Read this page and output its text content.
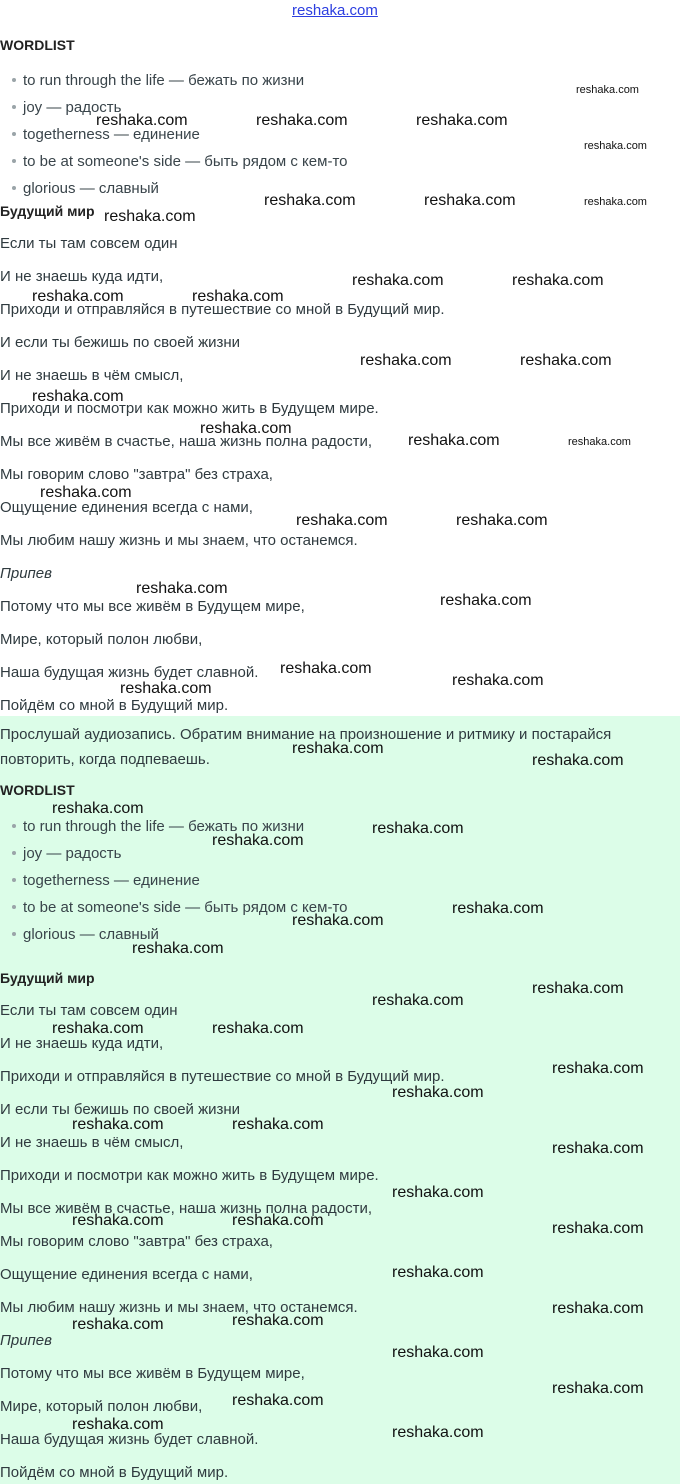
reshaka.com
WORDLIST
to run through the life — бежать по жизни
joy — радость
togetherness — единение
to be at someone's side — быть рядом с кем-то
glorious — славный
Будущий мир
Если ты там совсем один
И не знаешь куда идти,
Приходи и отправляйся в путешествие со мной в Будущий мир.
И если ты бежишь по своей жизни
И не знаешь в чём смысл,
Приходи и посмотри как можно жить в Будущем мире.
Мы все живём в счастье, наша жизнь полна радости,
Мы говорим слово "завтра" без страха,
Ощущение единения всегда с нами,
Мы любим нашу жизнь и мы знаем, что останемся.
Припев
Потому что мы все живём в Будущем мире,
Мире, который полон любви,
Наша будущая жизнь будет славной.
Пойдём со мной в Будущий мир.
Прослушай аудиозапись. Обратим внимание на произношение и ритмику и постарайся повторить, когда подпеваешь.
WORDLIST
to run through the life — бежать по жизни
joy — радость
togetherness — единение
to be at someone's side — быть рядом с кем-то
glorious — славный
Будущий мир
Если ты там совсем один
И не знаешь куда идти,
Приходи и отправляйся в путешествие со мной в Будущий мир.
И если ты бежишь по своей жизни
И не знаешь в чём смысл,
Приходи и посмотри как можно жить в Будущем мире.
Мы все живём в счастье, наша жизнь полна радости,
Мы говорим слово "завтра" без страха,
Ощущение единения всегда с нами,
Мы любим нашу жизнь и мы знаем, что останемся.
Припев
Потому что мы все живём в Будущем мире,
Мире, который полон любви,
Наша будущая жизнь будет славной.
Пойдём со мной в Будущий мир.
reshaka.com
reshaka.com	reshaka.com	reshaka.com
reshaka.com
reshaka.com	reshaka.com	reshaka.com
reshaka.com
reshaka.com	reshaka.com
reshaka.com	reshaka.com
reshaka.com	reshaka.com
reshaka.com
reshaka.com
reshaka.com	reshaka.com
reshaka.com
reshaka.com	reshaka.com
reshaka.com
reshaka.com
reshaka.com
reshaka.com
reshaka.com
reshaka.com
reshaka.com
reshaka.com
reshaka.com
reshaka.com
reshaka.com
reshaka.com
reshaka.com
reshaka.com
reshaka.com
reshaka.com	reshaka.com
reshaka.com
reshaka.com
reshaka.com	reshaka.com
reshaka.com
reshaka.com
reshaka.com	reshaka.com	reshaka.com
reshaka.com
reshaka.com
reshaka.com
reshaka.com
reshaka.com
reshaka.com
reshaka.com
reshaka.com	reshaka.com
